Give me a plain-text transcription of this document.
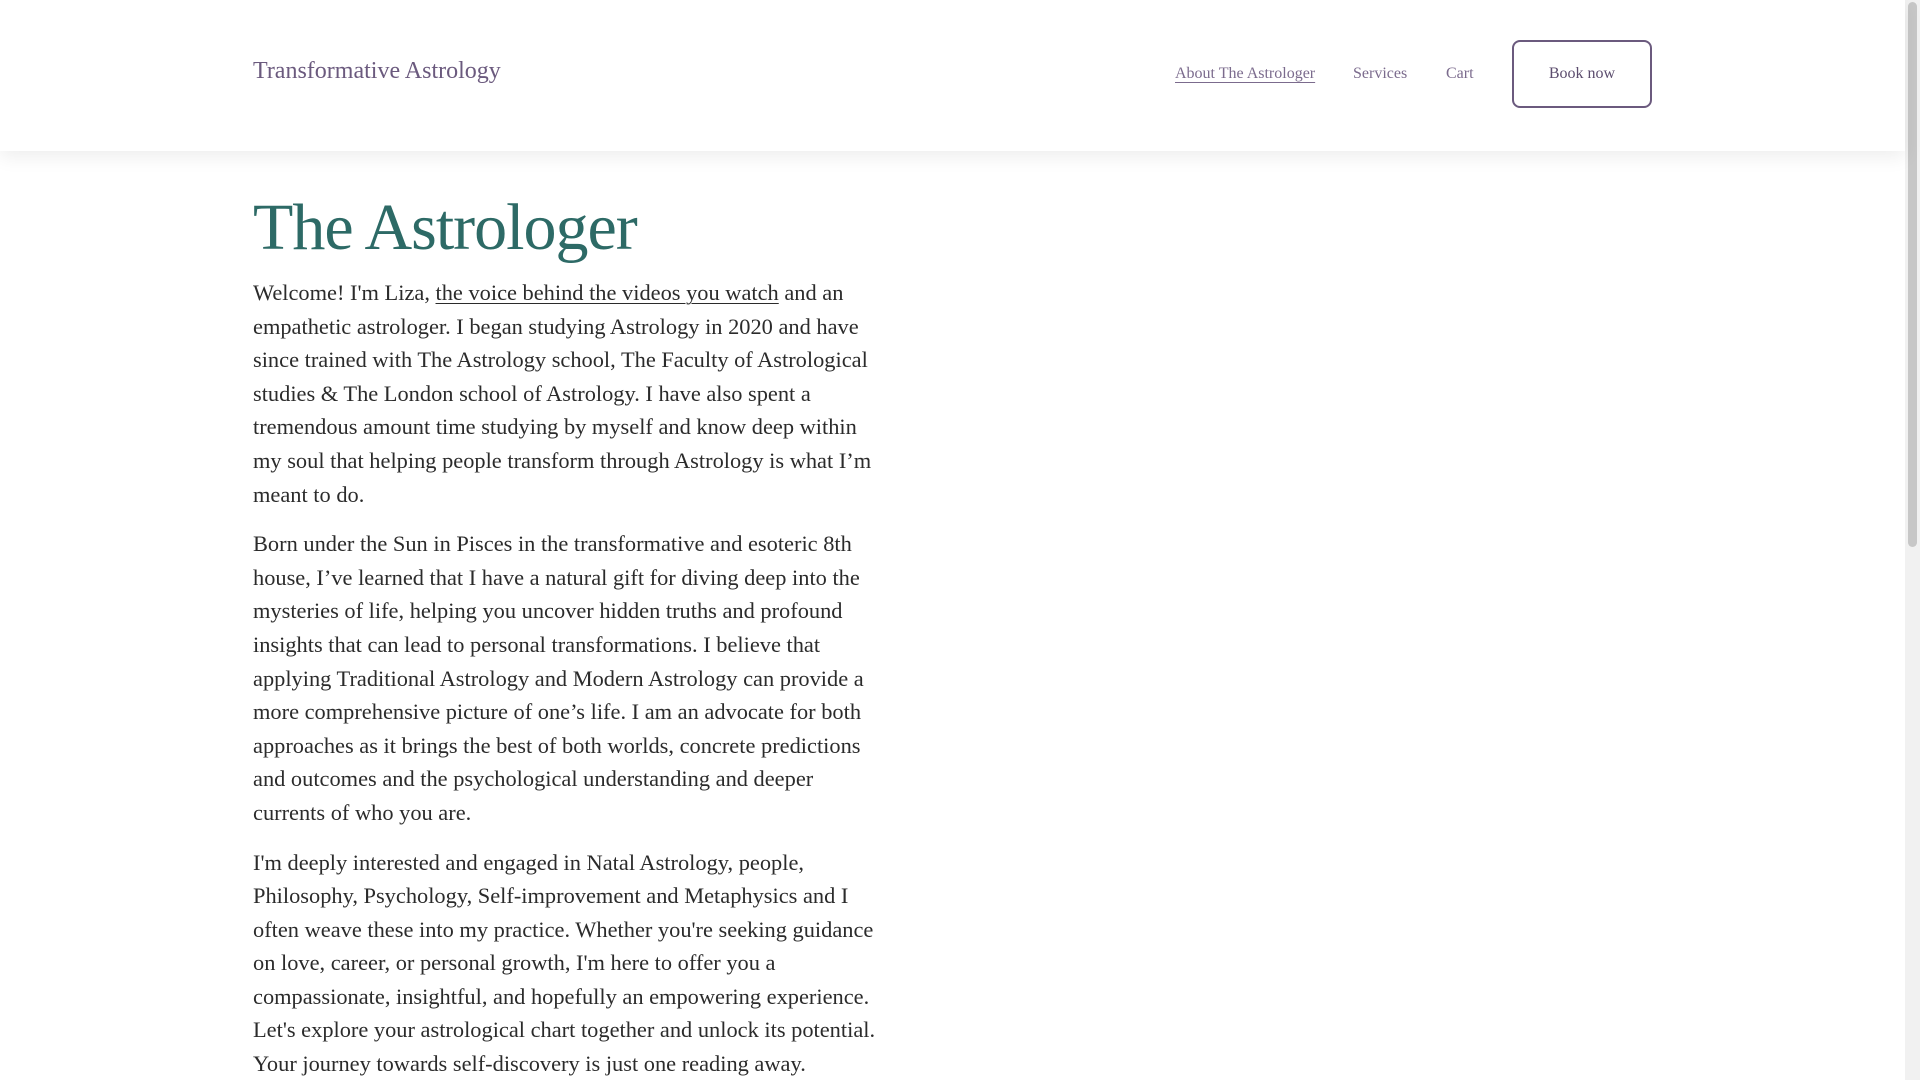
Transformative Astrology	About The Astrologer Services Cart	Book now
The Astrologer

Welcome! I'm Liza, the voice behind the videos you watch and an empathetic astrologer. I began studying Astrology in 2020 and have since trained with The Astrology school, The Faculty of Astrological studies & The London school of Astrology. I have also spent a tremendous amount time studying by myself and know deep within my soul that helping people transform through Astrology is what I’m meant to do.

Born under the Sun in Pisces in the transformative and esoteric 8th house, I’ve learned that I have a natural gift for diving deep into the mysteries of life, helping you uncover hidden truths and profound insights that can lead to personal transformations. I believe that applying Traditional Astrology and Modern Astrology can provide a more comprehensive picture of one’s life. I am an advocate for both approaches as it brings the best of both worlds, concrete predictions and outcomes and the psychological understanding and deeper currents of who you are.

I'm deeply interested and engaged in Natal Astrology, people, Philosophy, Psychology, Self-improvement and Metaphysics and I often weave these into my practice. Whether you're seeking guidance on love, career, or personal growth, I'm here to offer you a compassionate, insightful, and hopefully an empowering experience. Let's explore your astrological chart together and unlock its potential. Your journey towards self-discovery is just one reading away.
